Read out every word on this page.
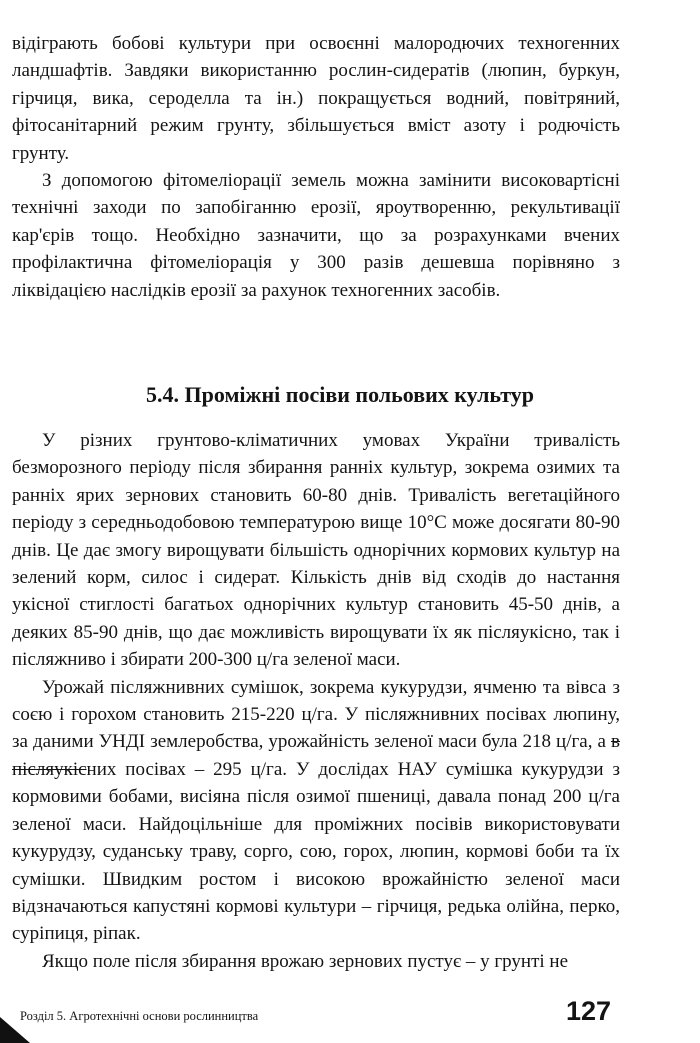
відіграють бобові культури при освоєнні малородючих техногенних ландшафтів. Завдяки використанню рослин-сидератів (люпин, буркун, гірчиця, вика, сероделла та ін.) покращується водний, повітряний, фітосанітарний режим грунту, збільшується вміст азоту і родючість грунту.

З допомогою фітомеліорації земель можна замінити високовартісні технічні заходи по запобіганню ерозії, яроутворенню, рекультивації кар'єрів тощо. Необхідно зазначити, що за розрахунками вчених профілактична фітомеліорація у 300 разів дешевша порівняно з ліквідацією наслідків ерозії за рахунок техногенних засобів.

5.4. Проміжні посіви польових культур

У різних грунтово-кліматичних умовах України тривалість безморозного періоду після збирання ранніх культур, зокрема озимих та ранніх ярих зернових становить 60-80 днів. Тривалість вегетаційного періоду з середньодобовою температурою вище 10°С може досягати 80-90 днів. Це дає змогу вирощувати більшість однорічних кормових культур на зелений корм, силос і сидерат. Кількість днів від сходів до настання укісної стиглості багатьох однорічних культур становить 45-50 днів, а деяких 85-90 днів, що дає можливість вирощувати їх як післяукісно, так і післяжниво і збирати 200-300 ц/га зеленої маси.

Урожай післяжнивних сумішок, зокрема кукурудзи, ячменю та вівса з соєю і горохом становить 215-220 ц/га. У післяжнивних посівах люпину, за даними УНДІ землеробства, урожайність зеленої маси була 218 ц/га, а в післяукісних посівах – 295 ц/га. У дослідах НАУ сумішка кукурудзи з кормовими бобами, висіяна після озимої пшениці, давала понад 200 ц/га зеленої маси. Найдоцільніше для проміжних посівів використовувати кукурудзу, суданську траву, сорго, сою, горох, люпин, кормові боби та їх сумішки. Швидким ростом і високою врожайністю зеленої маси відзначаються капустяні кормові культури – гірчиця, редька олійна, перко, суріпиця, ріпак.

Якщо поле після збирання врожаю зернових пустує – у грунті не

Розділ 5. Агротехнічні основи рослинництва	127
